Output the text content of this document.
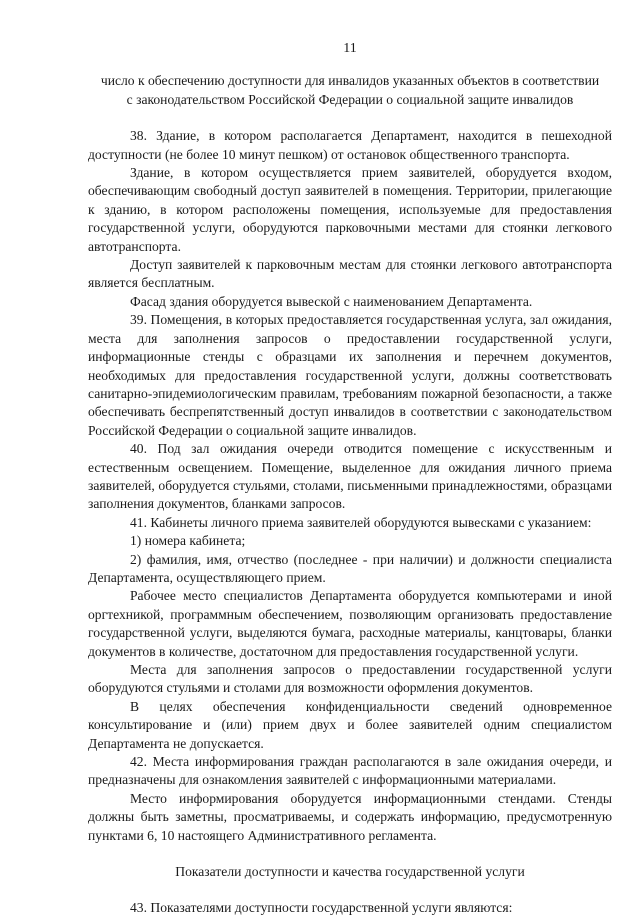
11
число к обеспечению доступности для инвалидов указанных объектов в соответствии
с законодательством Российской Федерации о социальной защите инвалидов

38. Здание, в котором располагается Департамент, находится в пешеходной доступности (не более 10 минут пешком) от остановок общественного транспорта.

Здание, в котором осуществляется прием заявителей, оборудуется входом, обеспечивающим свободный доступ заявителей в помещения. Территории, прилегающие к зданию, в котором расположены помещения, используемые для предоставления государственной услуги, оборудуются парковочными местами для стоянки легкового автотранспорта.

Доступ заявителей к парковочным местам для стоянки легкового автотранспорта является бесплатным.

Фасад здания оборудуется вывеской с наименованием Департамента.

39. Помещения, в которых предоставляется государственная услуга, зал ожидания, места для заполнения запросов о предоставлении государственной услуги, информационные стенды с образцами их заполнения и перечнем документов, необходимых для предоставления государственной услуги, должны соответствовать санитарно-эпидемиологическим правилам, требованиям пожарной безопасности, а также обеспечивать беспрепятственный доступ инвалидов в соответствии с законодательством Российской Федерации о социальной защите инвалидов.

40. Под зал ожидания очереди отводится помещение с искусственным и естественным освещением. Помещение, выделенное для ожидания личного приема заявителей, оборудуется стульями, столами, письменными принадлежностями, образцами заполнения документов, бланками запросов.

41. Кабинеты личного приема заявителей оборудуются вывесками с указанием:

1) номера кабинета;

2) фамилия, имя, отчество (последнее - при наличии) и должности специалиста Департамента, осуществляющего прием.

Рабочее место специалистов Департамента оборудуется компьютерами и иной оргтехникой, программным обеспечением, позволяющим организовать предоставление государственной услуги, выделяются бумага, расходные материалы, канцтовары, бланки документов в количестве, достаточном для предоставления государственной услуги.

Места для заполнения запросов о предоставлении государственной услуги оборудуются стульями и столами для возможности оформления документов.

В целях обеспечения конфиденциальности сведений одновременное консультирование и (или) прием двух и более заявителей одним специалистом Департамента не допускается.

42. Места информирования граждан располагаются в зале ожидания очереди, и предназначены для ознакомления заявителей с информационными материалами.

Место информирования оборудуется информационными стендами. Стенды должны быть заметны, просматриваемы, и содержать информацию, предусмотренную пунктами 6, 10 настоящего Административного регламента.

Показатели доступности и качества государственной услуги

43. Показателями доступности государственной услуги являются:
